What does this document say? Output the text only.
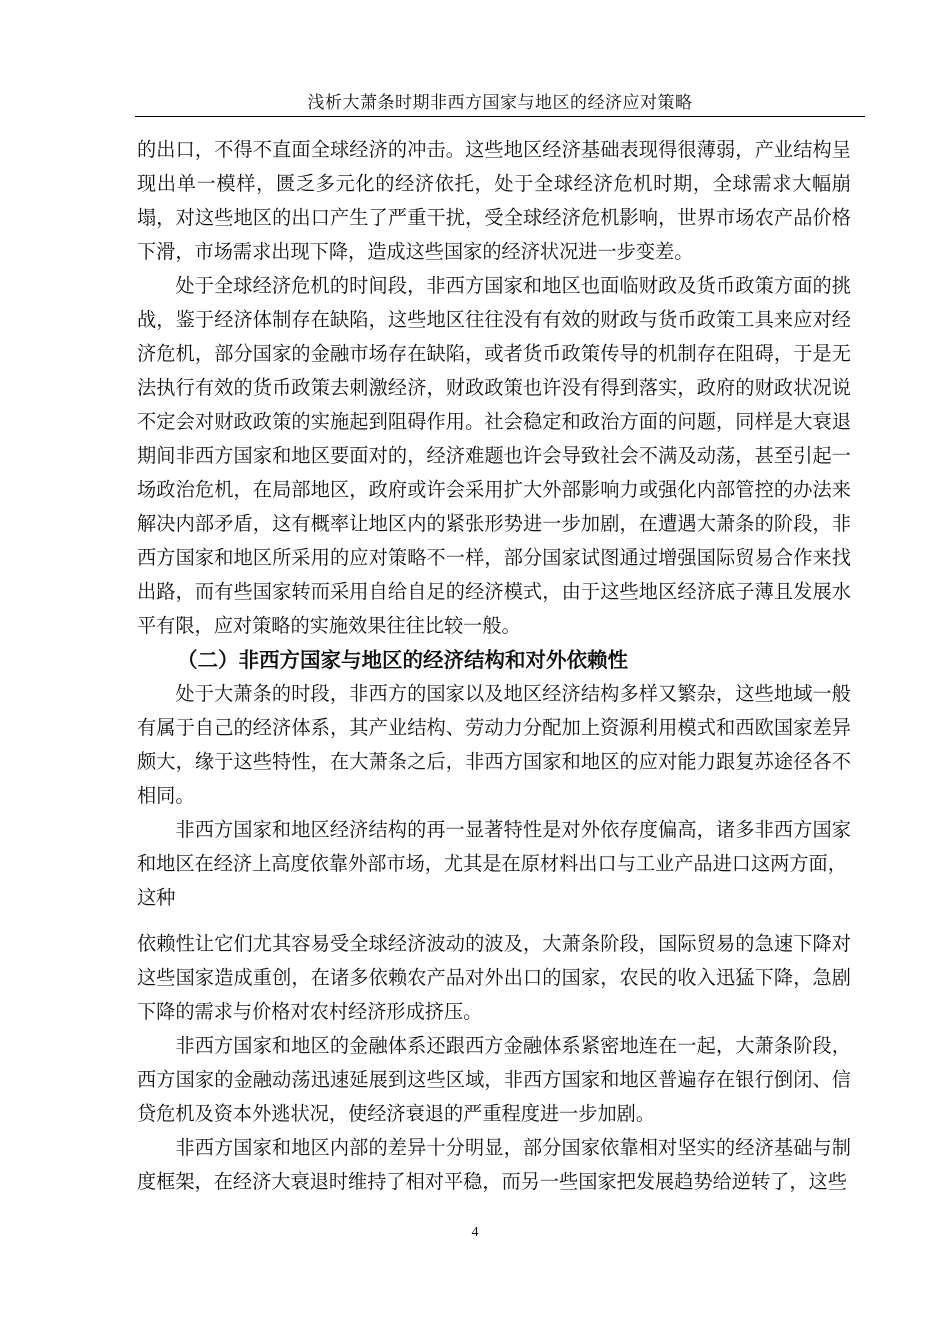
浅析大萧条时期非西方国家与地区的经济应对策略

的出口，不得不直面全球经济的冲击。这些地区经济基础表现得很薄弱，产业结构呈现出单一模样，匮乏多元化的经济依托，处于全球经济危机时期，全球需求大幅崩塌，对这些地区的出口产生了严重干扰，受全球经济危机影响，世界市场农产品价格下滑，市场需求出现下降，造成这些国家的经济状况进一步变差。

处于全球经济危机的时间段，非西方国家和地区也面临财政及货币政策方面的挑战，鉴于经济体制存在缺陷，这些地区往往没有有效的财政与货币政策工具来应对经济危机，部分国家的金融市场存在缺陷，或者货币政策传导的机制存在阻碍，于是无法执行有效的货币政策去刺激经济，财政政策也许没有得到落实，政府的财政状况说不定会对财政政策的实施起到阻碍作用。社会稳定和政治方面的问题，同样是大衰退期间非西方国家和地区要面对的，经济难题也许会导致社会不满及动荡，甚至引起一场政治危机，在局部地区，政府或许会采用扩大外部影响力或强化内部管控的办法来解决内部矛盾，这有概率让地区内的紧张形势进一步加剧，在遭遇大萧条的阶段，非西方国家和地区所采用的应对策略不一样，部分国家试图通过增强国际贸易合作来找出路，而有些国家转而采用自给自足的经济模式，由于这些地区经济底子薄且发展水平有限，应对策略的实施效果往往比较一般。

（二）非西方国家与地区的经济结构和对外依赖性

处于大萧条的时段，非西方的国家以及地区经济结构多样又繁杂，这些地域一般有属于自己的经济体系，其产业结构、劳动力分配加上资源利用模式和西欧国家差异颇大，缘于这些特性，在大萧条之后，非西方国家和地区的应对能力跟复苏途径各不相同。

非西方国家和地区经济结构的再一显著特性是对外依存度偏高，诸多非西方国家和地区在经济上高度依靠外部市场，尤其是在原材料出口与工业产品进口这两方面，

这种

依赖性让它们尤其容易受全球经济波动的波及，大萧条阶段，国际贸易的急速下降对这些国家造成重创，在诸多依赖农产品对外出口的国家，农民的收入迅猛下降，急剧下降的需求与价格对农村经济形成挤压。

非西方国家和地区的金融体系还跟西方金融体系紧密地连在一起，大萧条阶段，西方国家的金融动荡迅速延展到这些区域，非西方国家和地区普遍存在银行倒闭、信贷危机及资本外逃状况，使经济衰退的严重程度进一步加剧。

非西方国家和地区内部的差异十分明显，部分国家依靠相对坚实的经济基础与制度框架，在经济大衰退时维持了相对平稳，而另一些国家把发展趋势给逆转了，这些

4
